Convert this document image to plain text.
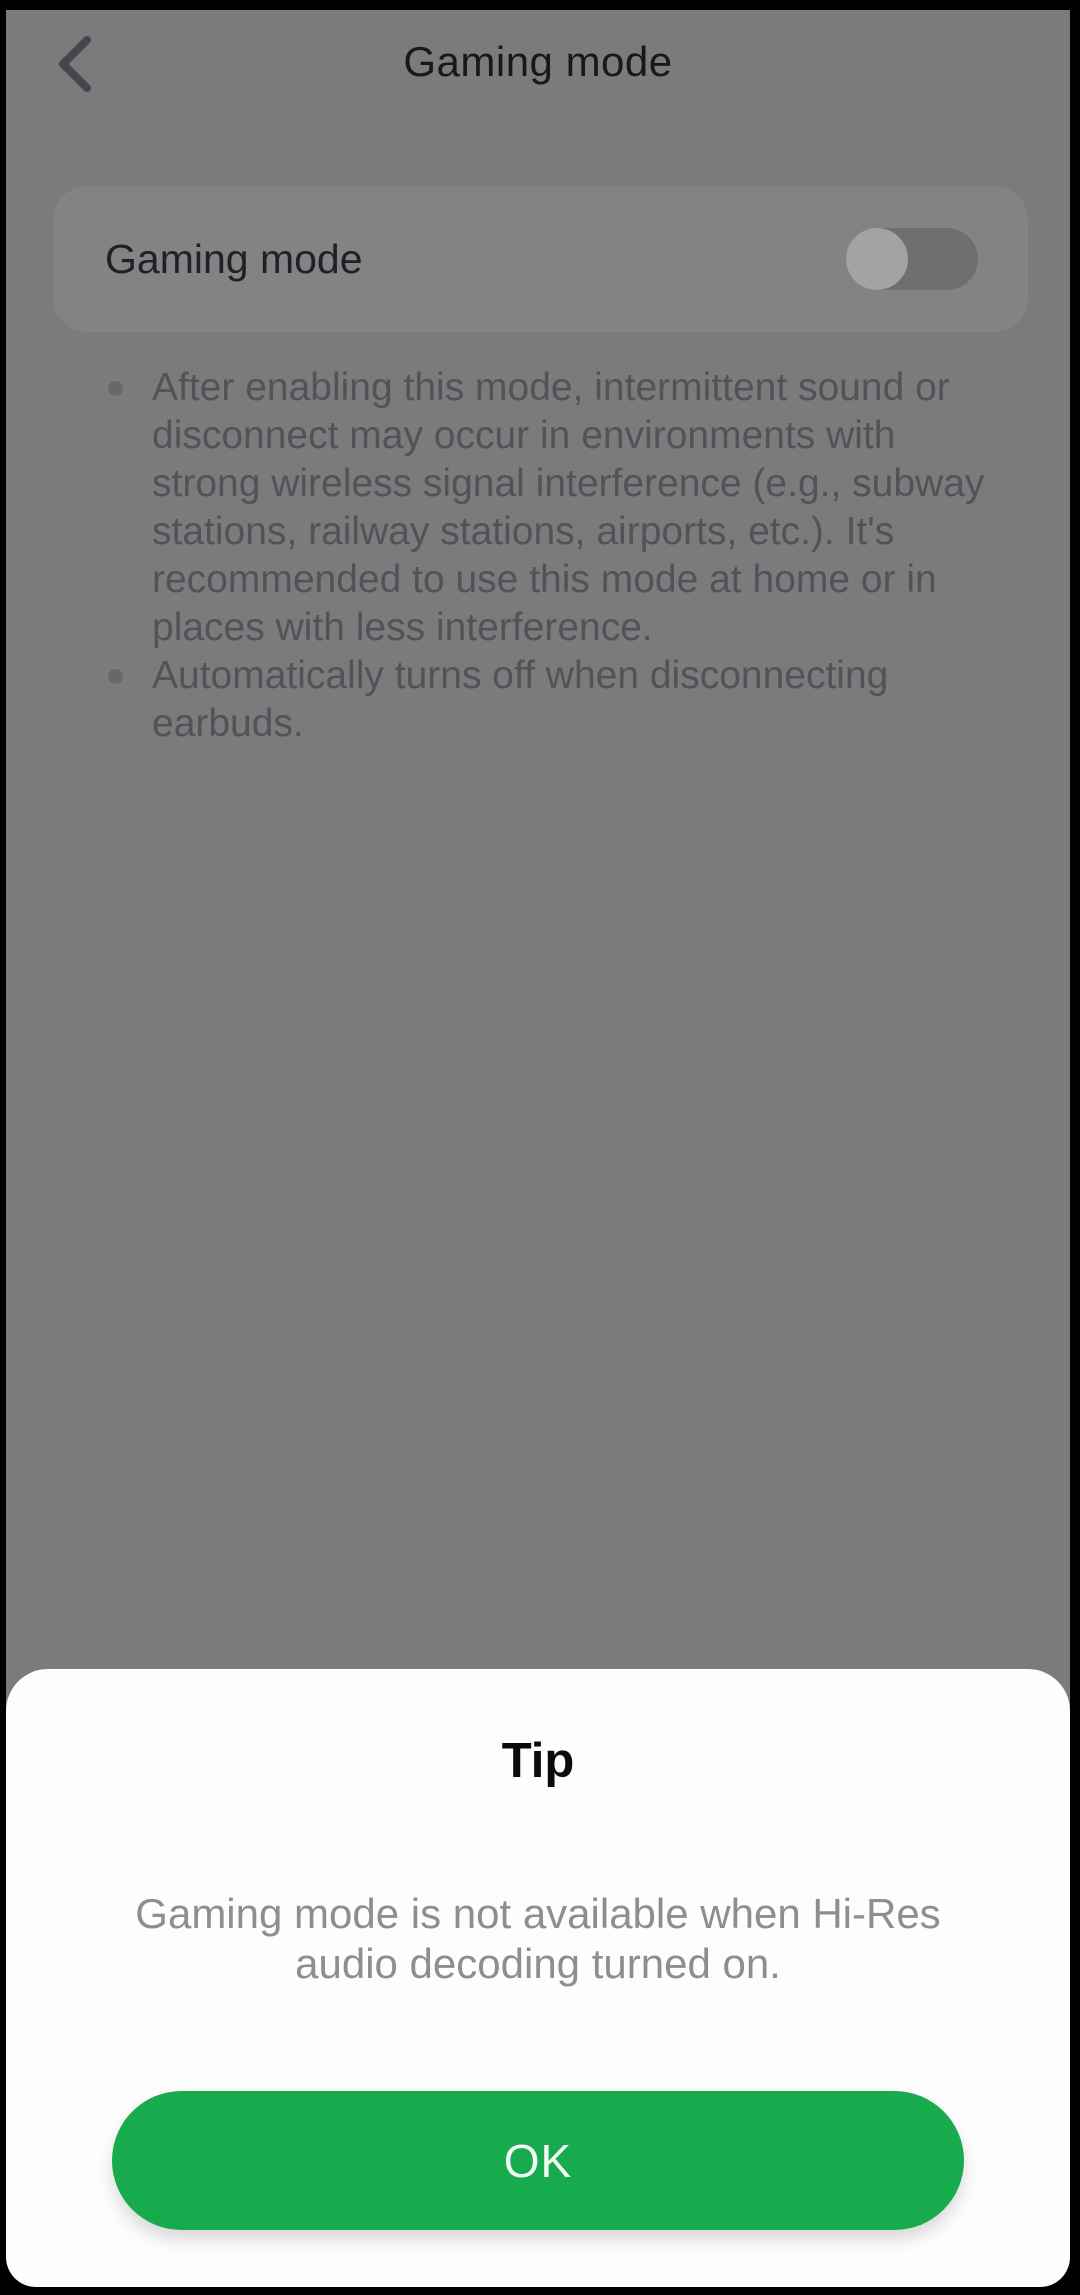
Gaming mode
Gaming mode
After enabling this mode, intermittent sound or disconnect may occur in environments with strong wireless signal interference (e.g., subway stations, railway stations, airports, etc.). It's recommended to use this mode at home or in places with less interference.
Automatically turns off when disconnecting earbuds.
Tip
Gaming mode is not available when Hi-Res audio decoding turned on.
OK
